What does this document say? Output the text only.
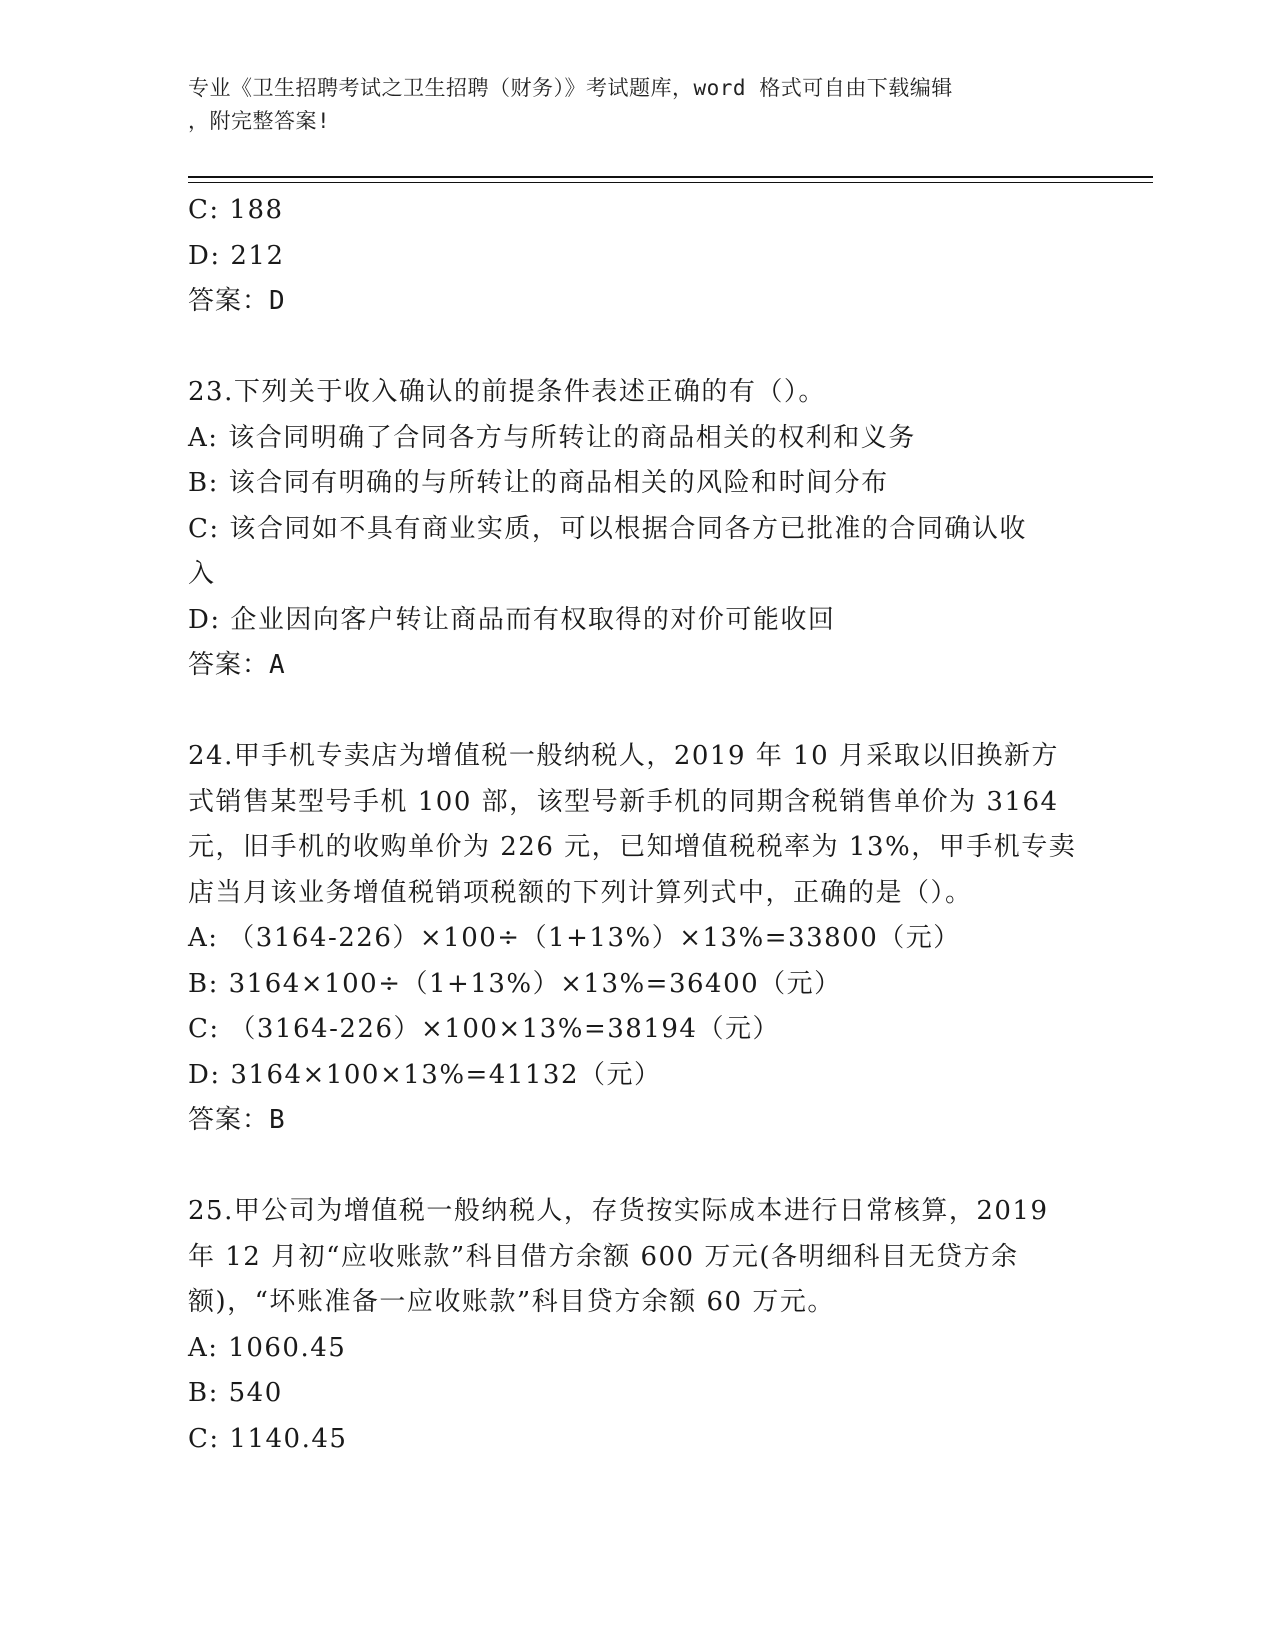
专业《卫生招聘考试之卫生招聘（财务）》考试题库，word 格式可自由下载编辑
，附完整答案!
C: 188
D: 212
答案：D
23.下列关于收入确认的前提条件表述正确的有（）。
A: 该合同明确了合同各方与所转让的商品相关的权利和义务
B: 该合同有明确的与所转让的商品相关的风险和时间分布
C: 该合同如不具有商业实质，可以根据合同各方已批准的合同确认收
入
D: 企业因向客户转让商品而有权取得的对价可能收回
答案：A
24.甲手机专卖店为增值税一般纳税人，2019 年 10 月采取以旧换新方
式销售某型号手机 100 部，该型号新手机的同期含税销售单价为 3164
元，旧手机的收购单价为 226 元，已知增值税税率为 13%，甲手机专卖
店当月该业务增值税销项税额的下列计算列式中，正确的是（）。
A: （3164-226）×100÷（1+13%）×13%=33800（元）
B: 3164×100÷（1+13%）×13%=36400（元）
C: （3164-226）×100×13%=38194（元）
D: 3164×100×13%=41132（元）
答案：B
25.甲公司为增值税一般纳税人，存货按实际成本进行日常核算，2019
年 12 月初“应收账款”科目借方余额 600 万元(各明细科目无贷方余
额)，“坏账准备一应收账款”科目贷方余额 60 万元。
A: 1060.45
B: 540
C: 1140.45
